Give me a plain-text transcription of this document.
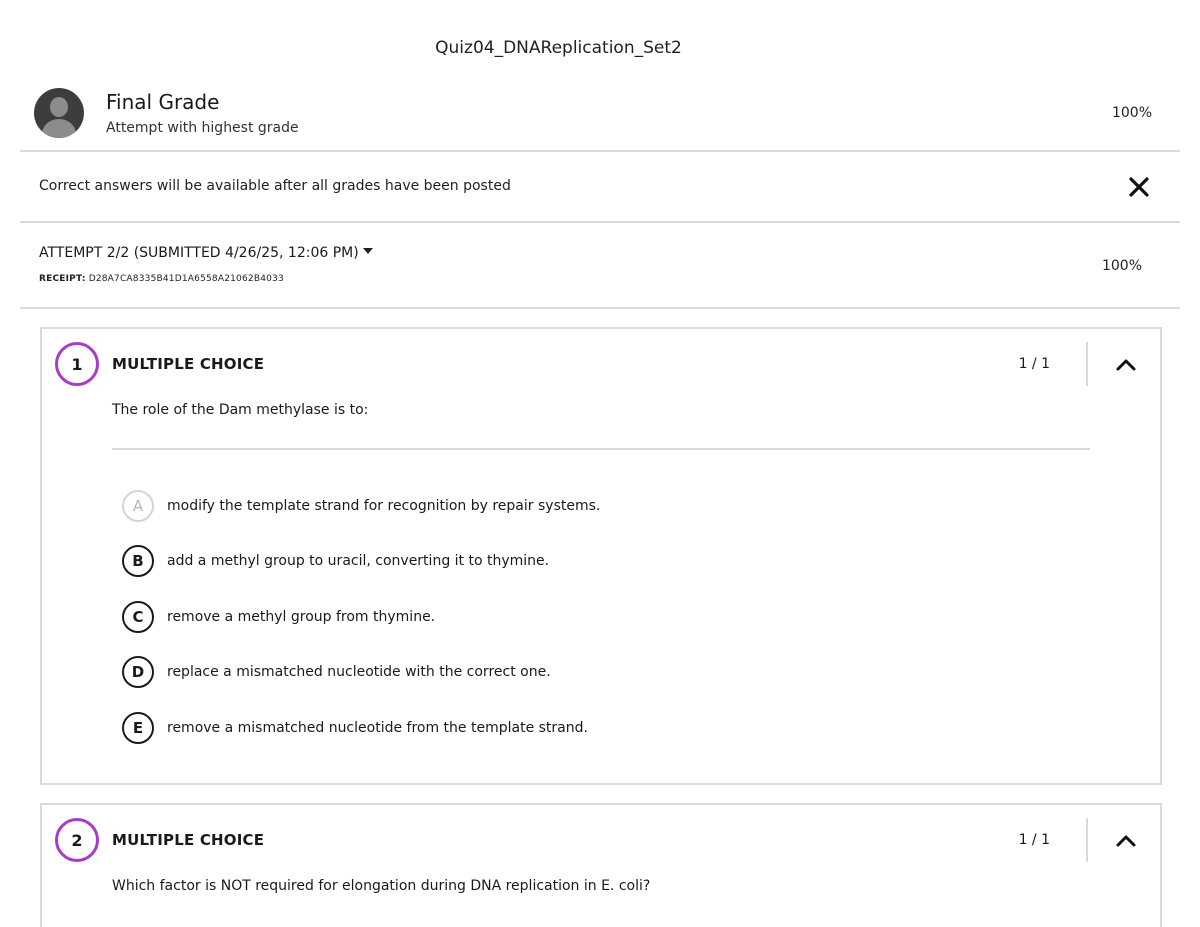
Quiz04_DNAReplication_Set2
Final Grade
Attempt with highest grade
100%
Correct answers will be available after all grades have been posted
ATTEMPT 2/2 (SUBMITTED 4/26/25, 12:06 PM)
RECEIPT: D28A7CA8335B41D1A6558A21062B4033
100%
1	MULTIPLE CHOICE	1 / 1
The role of the Dam methylase is to:
A	modify the template strand for recognition by repair systems.
B	add a methyl group to uracil, converting it to thymine.
C	remove a methyl group from thymine.
D	replace a mismatched nucleotide with the correct one.
E	remove a mismatched nucleotide from the template strand.
2	MULTIPLE CHOICE	1 / 1
Which factor is NOT required for elongation during DNA replication in E. coli?
